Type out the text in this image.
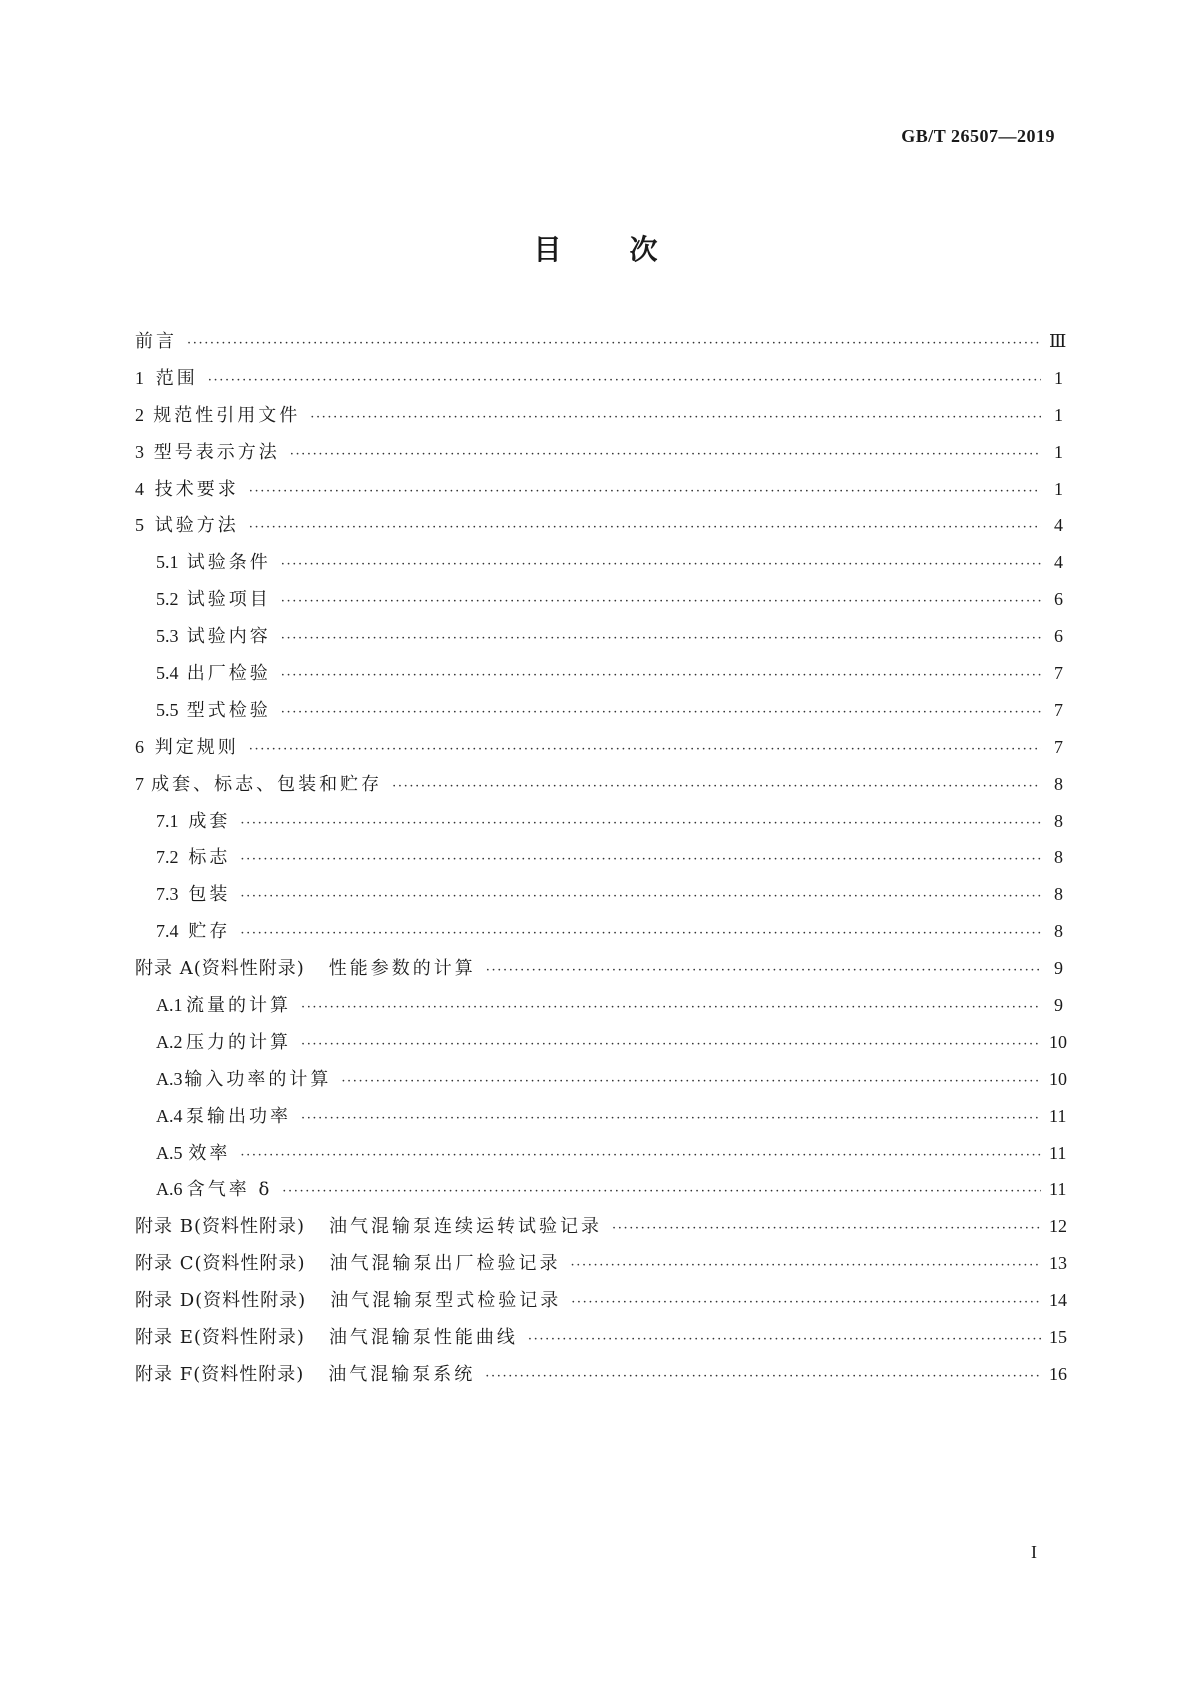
GB/T 26507—2019
目 次
前言 ·····	Ⅲ
1 范围 ·····	1
2 规范性引用文件 ·····	1
3 型号表示方法 ·····	1
4 技术要求 ·····	1
5 试验方法 ·····	4
5.1 试验条件 ·····	4
5.2 试验项目 ·····	6
5.3 试验内容 ·····	6
5.4 出厂检验 ·····	7
5.5 型式检验 ·····	7
6 判定规则 ·····	7
7 成套、标志、包装和贮存 ·····	8
7.1 成套 ·····	8
7.2 标志 ·····	8
7.3 包装 ·····	8
7.4 贮存 ·····	8
附录 A(资料性附录) 性能参数的计算 ·····	9
A.1 流量的计算 ·····	9
A.2 压力的计算 ·····	10
A.3 输入功率的计算 ·····	10
A.4 泵输出功率 ·····	11
A.5 效率 ·····	11
A.6 含气率 δ ·····	11
附录 B(资料性附录) 油气混输泵连续运转试验记录 ·····	12
附录 C(资料性附录) 油气混输泵出厂检验记录 ·····	13
附录 D(资料性附录) 油气混输泵型式检验记录 ·····	14
附录 E(资料性附录) 油气混输泵性能曲线 ·····	15
附录 F(资料性附录) 油气混输泵系统 ·····	16
I
